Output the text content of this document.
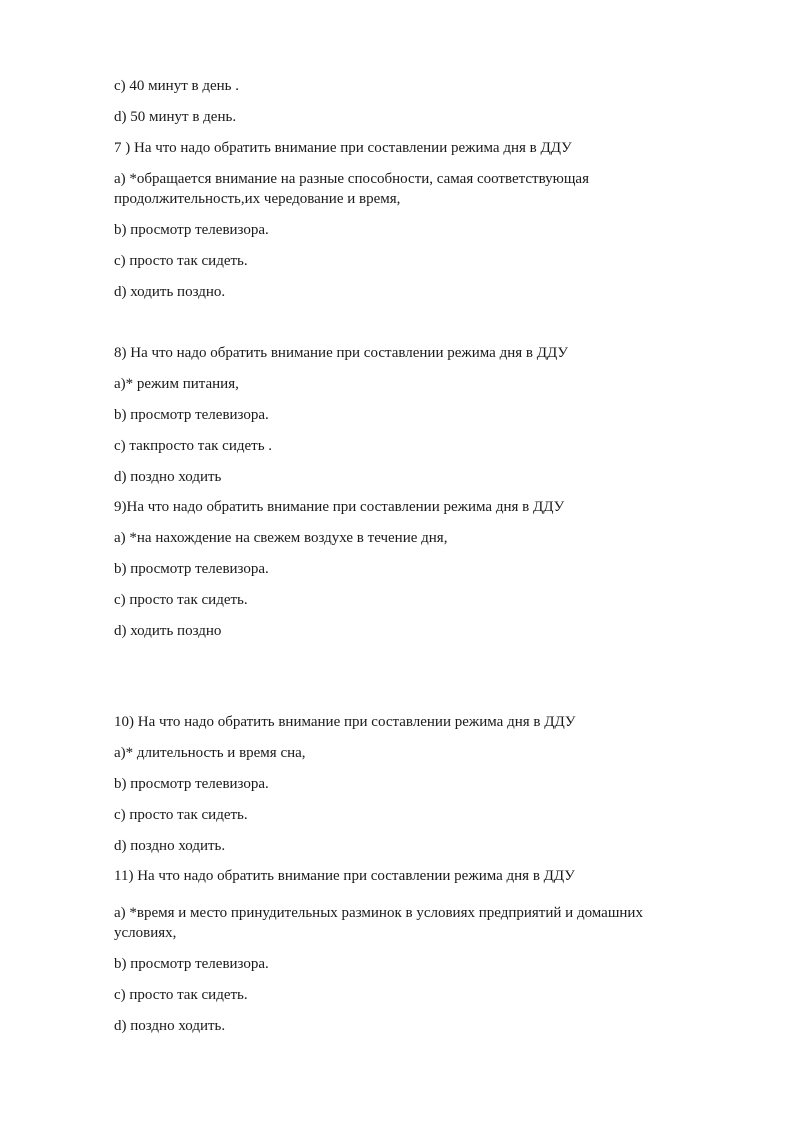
c) 40 минут в день .
d) 50 минут в день.
7 ) На что надо обратить внимание при составлении режима дня в ДДУ
a) *обращается внимание на разные способности, самая соответствующая продолжительность,их чередование и время,
b) просмотр телевизора.
c) просто так сидеть.
d) ходить поздно.
8) На что надо обратить внимание при составлении режима дня в ДДУ
a)* режим питания,
b) просмотр телевизора.
c) такпросто так сидеть .
d) поздно ходить
9)На что надо обратить внимание при составлении режима дня в ДДУ
a) *на нахождение на свежем воздухе в течение дня,
b) просмотр телевизора.
c) просто так сидеть.
d) ходить поздно
10) На что надо обратить внимание при составлении режима дня в ДДУ
a)* длительность и время сна,
b) просмотр телевизора.
c) просто так сидеть.
d) поздно ходить.
11) На что надо обратить внимание при составлении режима дня в ДДУ
a) *время и место принудительных разминок в условиях предприятий и домашних условиях,
b) просмотр телевизора.
c) просто так сидеть.
d) поздно ходить.
